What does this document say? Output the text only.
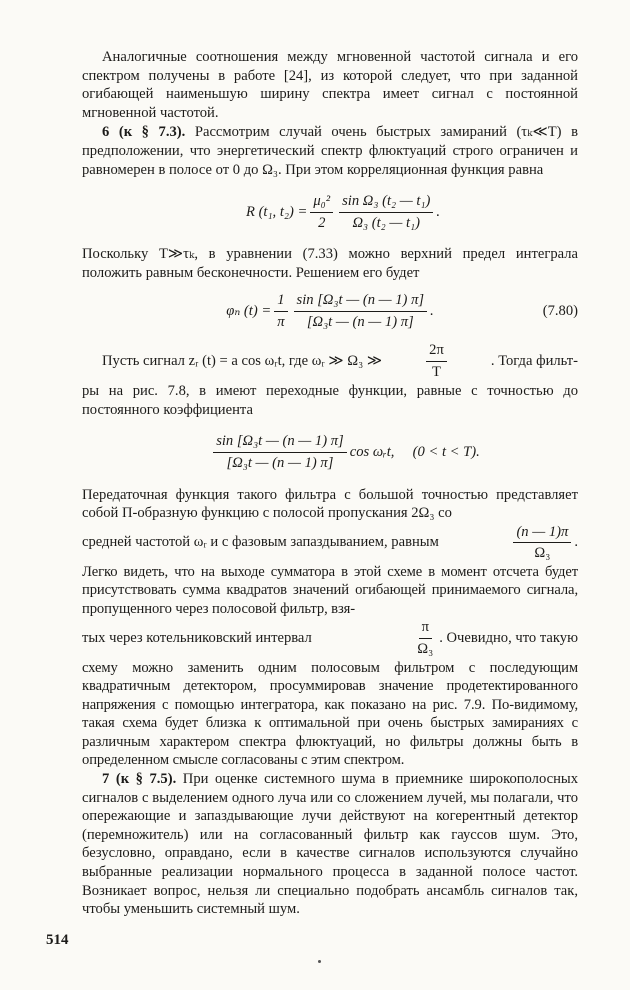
Аналогичные соотношения между мгновенной частотой сигнала и его спектром получены в работе [24], из которой следует, что при заданной огибающей наименьшую ширину спектра имеет сигнал с постоянной мгновенной частотой.

6 (к § 7.3). Рассмотрим случай очень быстрых замираний (τₖ≪T) в предположении, что энергетический спектр флюктуаций строго ограничен и равномерен в полосе от 0 до Ω₃. При этом корреляционная функция равна

R (t₁, $t_2) = \frac{\text{μ₀²}}{2} \frac{\text{sin Ω₃ (t₂ — t₁)}}{\text{Ω₃ (t₂ — t₁)}}$ .

Поскольку T≫τₖ, в уравнении (7.33) можно верхний предел интеграла положить равным бесконечности. Решением его будет

φₙ $(t) = \frac{1}{\pi} \frac{\text{sin [Ω₃t — (n — 1) π]}}{\text{[Ω₃t — (n — 1) π]}}$ .	(7.80)
Пусть сигнал zᵣ (t) = a cos ωᵣt, где ωᵣ ≫ Ω₃ ≫	$\frac{2\pi}{T}$	. Тогда фильт-

ры на рис. 7.8, в имеют переходные функции, равные с точностью до постоянного коэффициента

$\frac{\text{sin [Ω₃t — (n — 1) π]}}{\text{[Ω₃t — (n — 1) π]}}$ cos ωᵣt,     (0 < t < T).

Передаточная функция такого фильтра с большой точностью представляет собой П-образную функцию с полосой пропускания 2Ω₃ со

средней частотой ωᵣ и с фазовым запаздыванием, равным	$\frac{(n — 1)\pi}{\text{Ω₃}}$ .

Легко видеть, что на выходе сумматора в этой схеме в момент отсчета будет присутствовать сумма квадратов значений огибающей принимаемого сигнала, пропущенного через полосовой фильтр, взя-

тых через котельниковский интервал	$\frac{\pi}{\text{Ω₃}}$ . Очевидно, что такую

схему можно заменить одним полосовым фильтром с последующим квадратичным детектором, просуммировав значение продетектированного напряжения с помощью интегратора, как показано на рис. 7.9. По-видимому, такая схема будет близка к оптимальной при очень быстрых замираниях с различным характером спектра флюктуаций, но фильтры должны быть в определенном смысле согласованы с этим спектром.

7 (к § 7.5). При оценке системного шума в приемнике широкополосных сигналов с выделением одного луча или со сложением лучей, мы полагали, что опережающие и запаздывающие лучи действуют на когерентный детектор (перемножитель) или на согласованный фильтр как гауссов шум. Это, безусловно, оправдано, если в качестве сигналов используются случайно выбранные реализации нормального процесса в заданной полосе частот. Возникает вопрос, нельзя ли специально подобрать ансамбль сигналов так, чтобы уменьшить системный шум.

514
